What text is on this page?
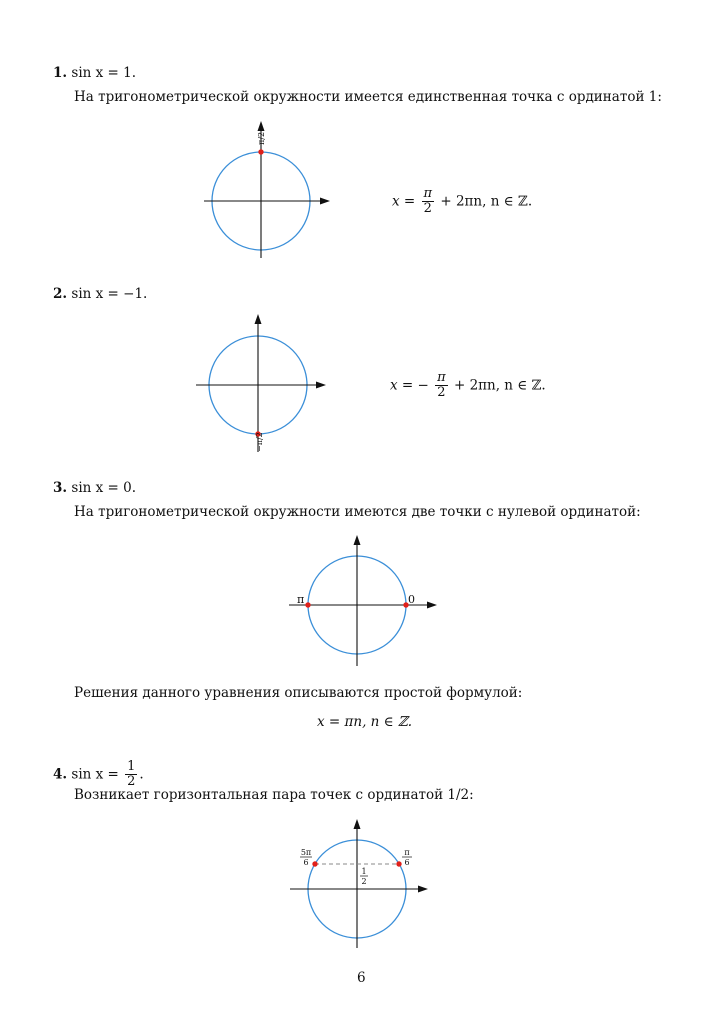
1. sin x = 1.
На тригонометрической окружности имеется единственная точка с ординатой 1:
π/2
$x = \frac{\pi}{2} + 2\pi n$, n ∈ ℤ.
2. sin x = −1.
−π/2
x = − $\frac{\pi}{2} + 2\pi n$, n ∈ ℤ.
3. sin x = 0.
На тригонометрической окружности имеются две точки с нулевой ординатой:
π	0
Решения данного уравнения описываются простой формулой:
x = πn, n ∈ ℤ.
4. $\sin x = \frac{1}{2}$ .
Возникает горизонтальная пара точек с ординатой 1/2:
5π
6
π
6
1
2
6
